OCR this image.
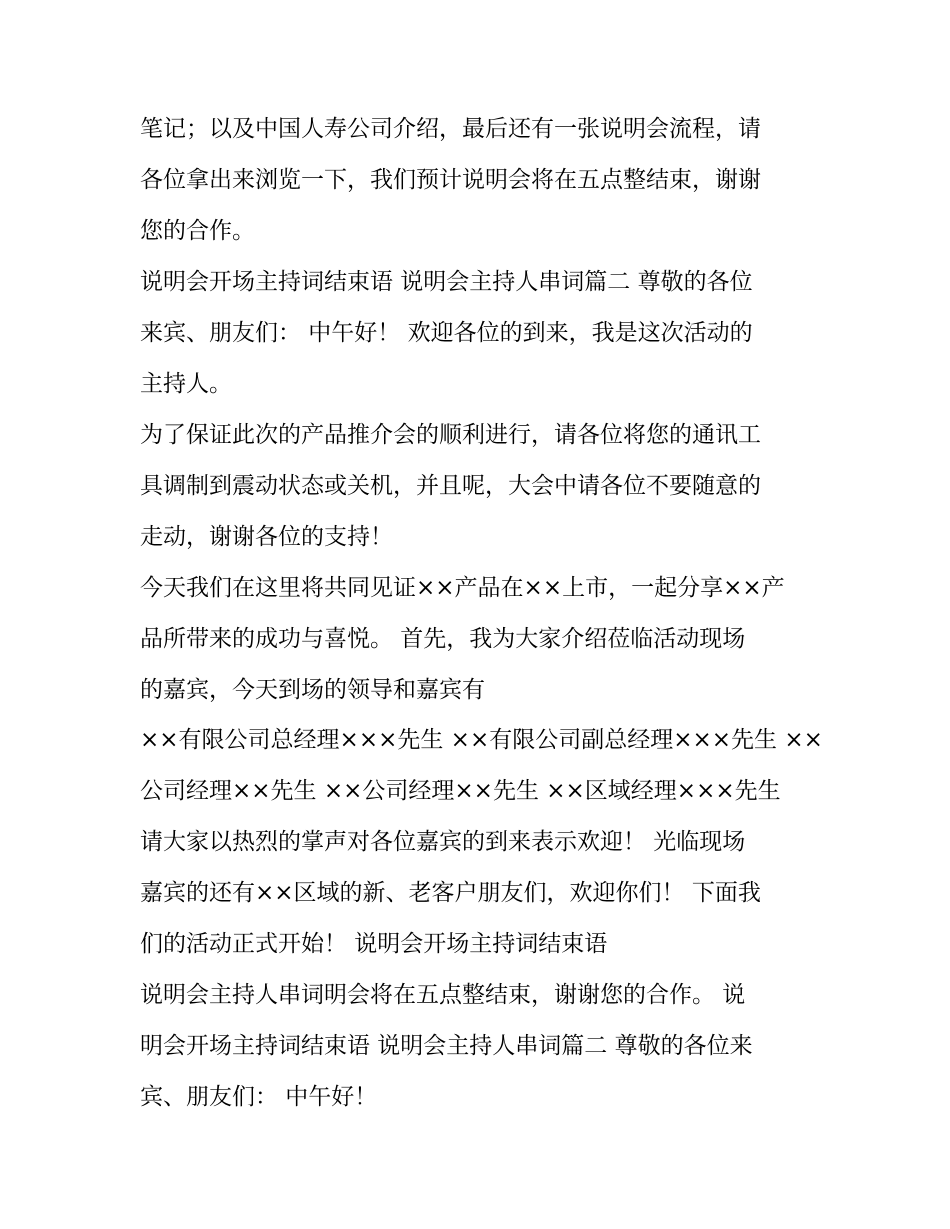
笔记；以及中国人寿公司介绍，最后还有一张说明会流程，请
各位拿出来浏览一下，我们预计说明会将在五点整结束，谢谢
您的合作。
说明会开场主持词结束语 说明会主持人串词篇二 尊敬的各位
来宾、朋友们： 中午好！ 欢迎各位的到来，我是这次活动的
主持人。
为了保证此次的产品推介会的顺利进行，请各位将您的通讯工
具调制到震动状态或关机，并且呢，大会中请各位不要随意的
走动，谢谢各位的支持！
今天我们在这里将共同见证××产品在××上市，一起分享××产
品所带来的成功与喜悦。 首先，我为大家介绍莅临活动现场
的嘉宾，今天到场的领导和嘉宾有
××有限公司总经理×××先生 ××有限公司副总经理×××先生 ××
公司经理××先生 ××公司经理××先生 ××区域经理×××先生
请大家以热烈的掌声对各位嘉宾的到来表示欢迎！ 光临现场
嘉宾的还有××区域的新、老客户朋友们，欢迎你们！ 下面我
们的活动正式开始！ 说明会开场主持词结束语
说明会主持人串词明会将在五点整结束，谢谢您的合作。 说
明会开场主持词结束语 说明会主持人串词篇二 尊敬的各位来
宾、朋友们： 中午好！
